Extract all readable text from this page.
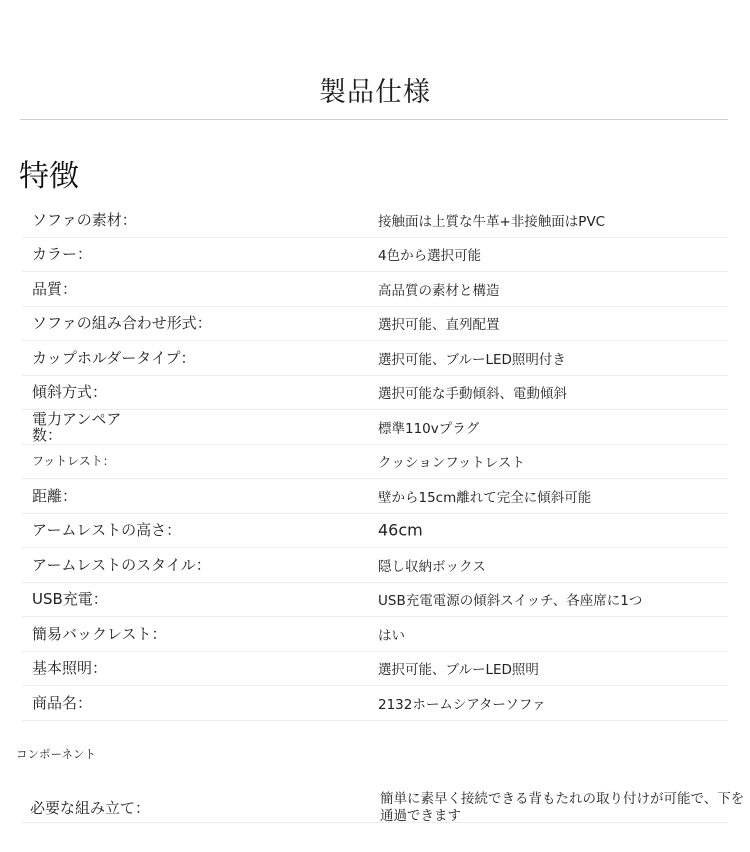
製品仕様
特徴
ソファの素材：	接触面は上質な牛革+非接触面はPVC
カラー：	4色から選択可能
品質：	高品質の素材と構造
ソファの組み合わせ形式：	選択可能、直列配置
カップホルダータイプ：	選択可能、ブルーLED照明付き
傾斜方式：	選択可能な手動傾斜、電動傾斜
電力アンペア数：	標準110vプラグ
フットレスト：	クッションフットレスト
距離：	壁から15cm離れて完全に傾斜可能
アームレストの高さ：	46cm
アームレストのスタイル：	隠し収納ボックス
USB充電：	USB充電電源の傾斜スイッチ、各座席に1つ
簡易バックレスト：	はい
基本照明：	選択可能、ブルーLED照明
商品名：	2132ホームシアターソファ
コンポーネント
必要な組み立て：	簡単に素早く接続できる背もたれの取り付けが可能で、下を通過できます
